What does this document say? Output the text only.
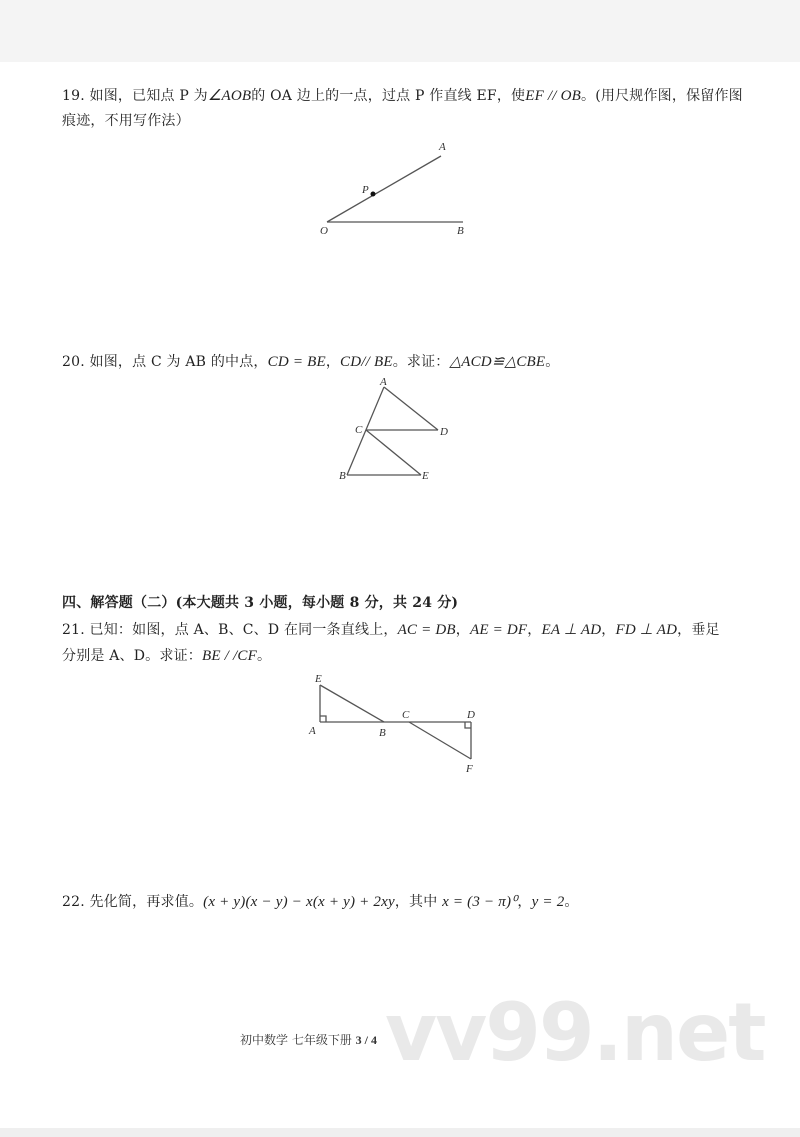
19. 如图，已知点 P 为∠AOB的 OA 边上的一点，过点 P 作直线 EF，使EF // OB。(用尺规作图，保留作图
痕迹，不用写作法）
A
P
O	B
A
C	D
B	E
E
A	B
C	D
F
20. 如图，点 C 为 AB 的中点，CD = BE，CD// BE。求证：△ACD≌△CBE。
四、解答题（二）(本大题共 3 小题，每小题 8 分，共 24 分)
21. 已知：如图，点 A、B、C、D 在同一条直线上，AC = DB，AE = DF，EA ⊥ AD，FD ⊥ AD，垂足
分别是 A、D。求证：BE / /CF。
22. 先化简，再求值。(x + y)(x − y) − x(x + y) + 2xy，其中 x = (3 − π)⁰，y = 2。
vv99.net
初中数学 七年级下册 3 / 4
